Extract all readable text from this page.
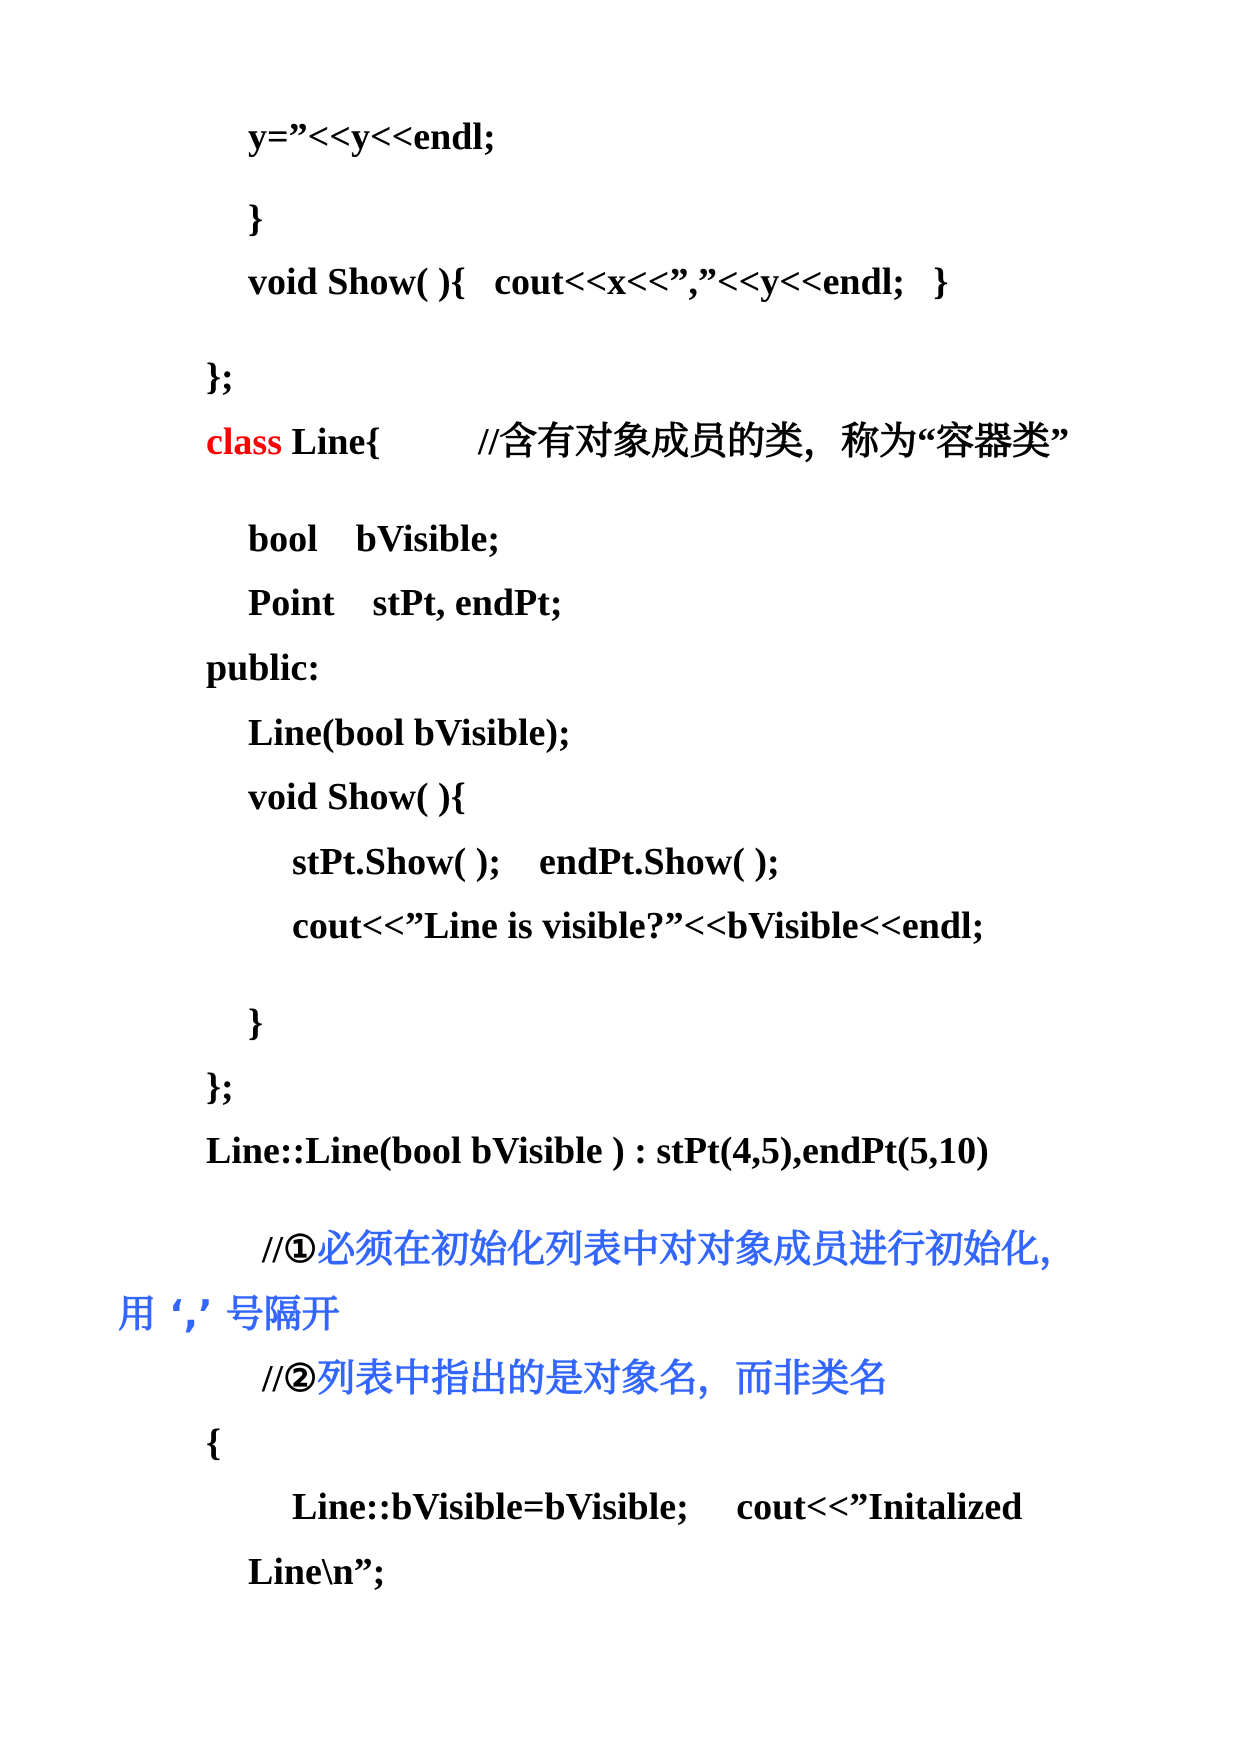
y=”<<y<<endl;
}
void Show( ){   cout<<x<<”,”<<y<<endl;   }
};
class Line{	//含有对象成员的类，称为“容器类”
bool    bVisible;
Point    stPt, endPt;
public:
Line(bool bVisible);
void Show( ){
stPt.Show( );    endPt.Show( );
cout<<”Line is visible?”<<bVisible<<endl;
}
};
Line::Line(bool bVisible ) : stPt(4,5),endPt(5,10)
//①必须在初始化列表中对对象成员进行初始化，
用 ‘,’ 号隔开
//②列表中指出的是对象名，而非类名
{
Line::bVisible=bVisible;     cout<<”Initalized
Line\n”;
